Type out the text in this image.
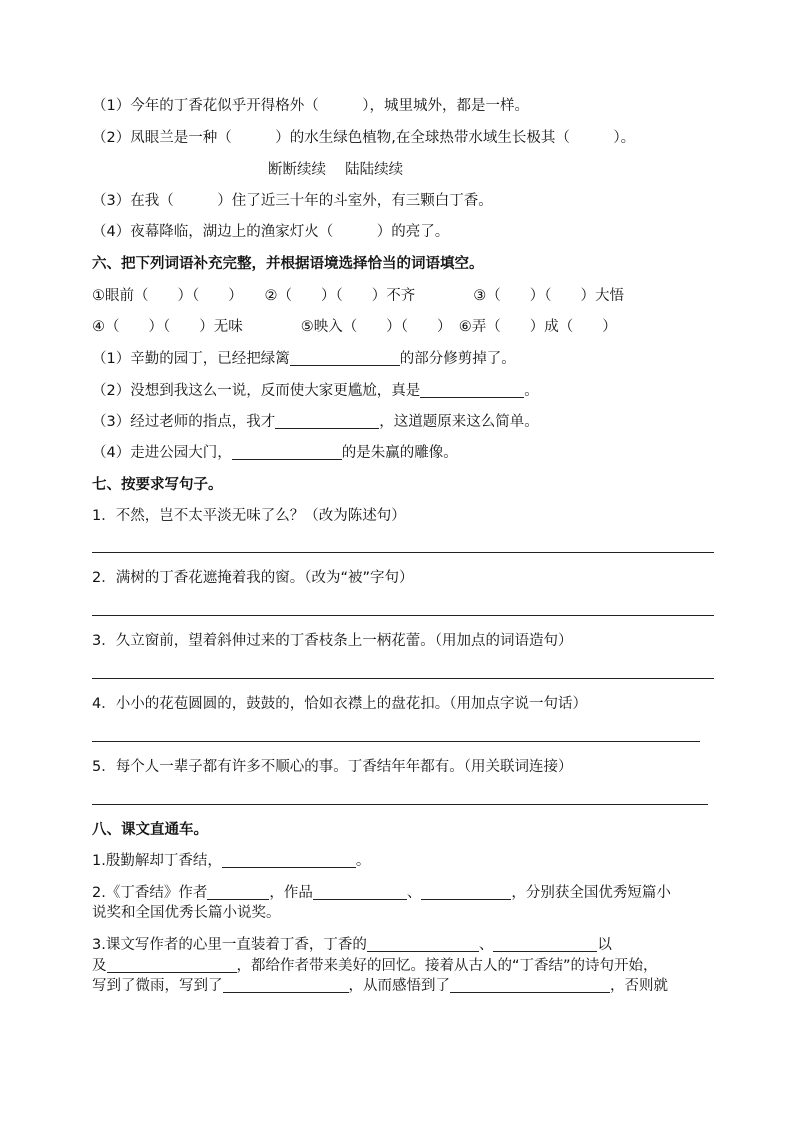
（1）今年的丁香花似乎开得格外（　　　），城里城外，都是一样。
（2）凤眼兰是一种（　　　）的水生绿色植物,在全球热带水域生长极其（　　　）。
断断续续　 陆陆续续
（3）在我（　　　）住了近三十年的斗室外，有三颗白丁香。
（4）夜幕降临，湖边上的渔家灯火（　　　）的亮了。
六、把下列词语补充完整，并根据语境选择恰当的词语填空。
①眼前（　　）（　　）　　②（　　）（　　）不齐　　　　③（　　）（　　）大悟
④（　　）（　　）无味　　　　⑤映入（　　）（　　）　⑥弄（　　）成（　　）
（1）辛勤的园丁，已经把绿篱	的部分修剪掉了。
（2）没想到我这么一说，反而使大家更尴尬，真是	。
（3）经过老师的指点，我才	，这道题原来这么简单。
（4）走进公园大门，	的是朱赢的雕像。
七、按要求写句子。
1．不然，岂不太平淡无味了么？（改为陈述句）
2．满树的丁香花遮掩着我的窗。（改为“被”字句）
3．久立窗前，望着斜伸过来的丁香枝条上一柄花蕾。（用加点的词语造句）
4．小小的花苞圆圆的，鼓鼓的，恰如衣襟上的盘花扣。（用加点字说一句话）
5．每个人一辈子都有许多不顺心的事。丁香结年年都有。（用关联词连接）
八、课文直通车。
1.殷勤解却丁香结，	。
2.《丁香结》作者	，作品	、	，分别获全国优秀短篇小
说奖和全国优秀长篇小说奖。
3.课文写作者的心里一直装着丁香，丁香的	、	以
及	，都给作者带来美好的回忆。接着从古人的“丁香结”的诗句开始，
写到了微雨，写到了	，从而感悟到了	，否则就
